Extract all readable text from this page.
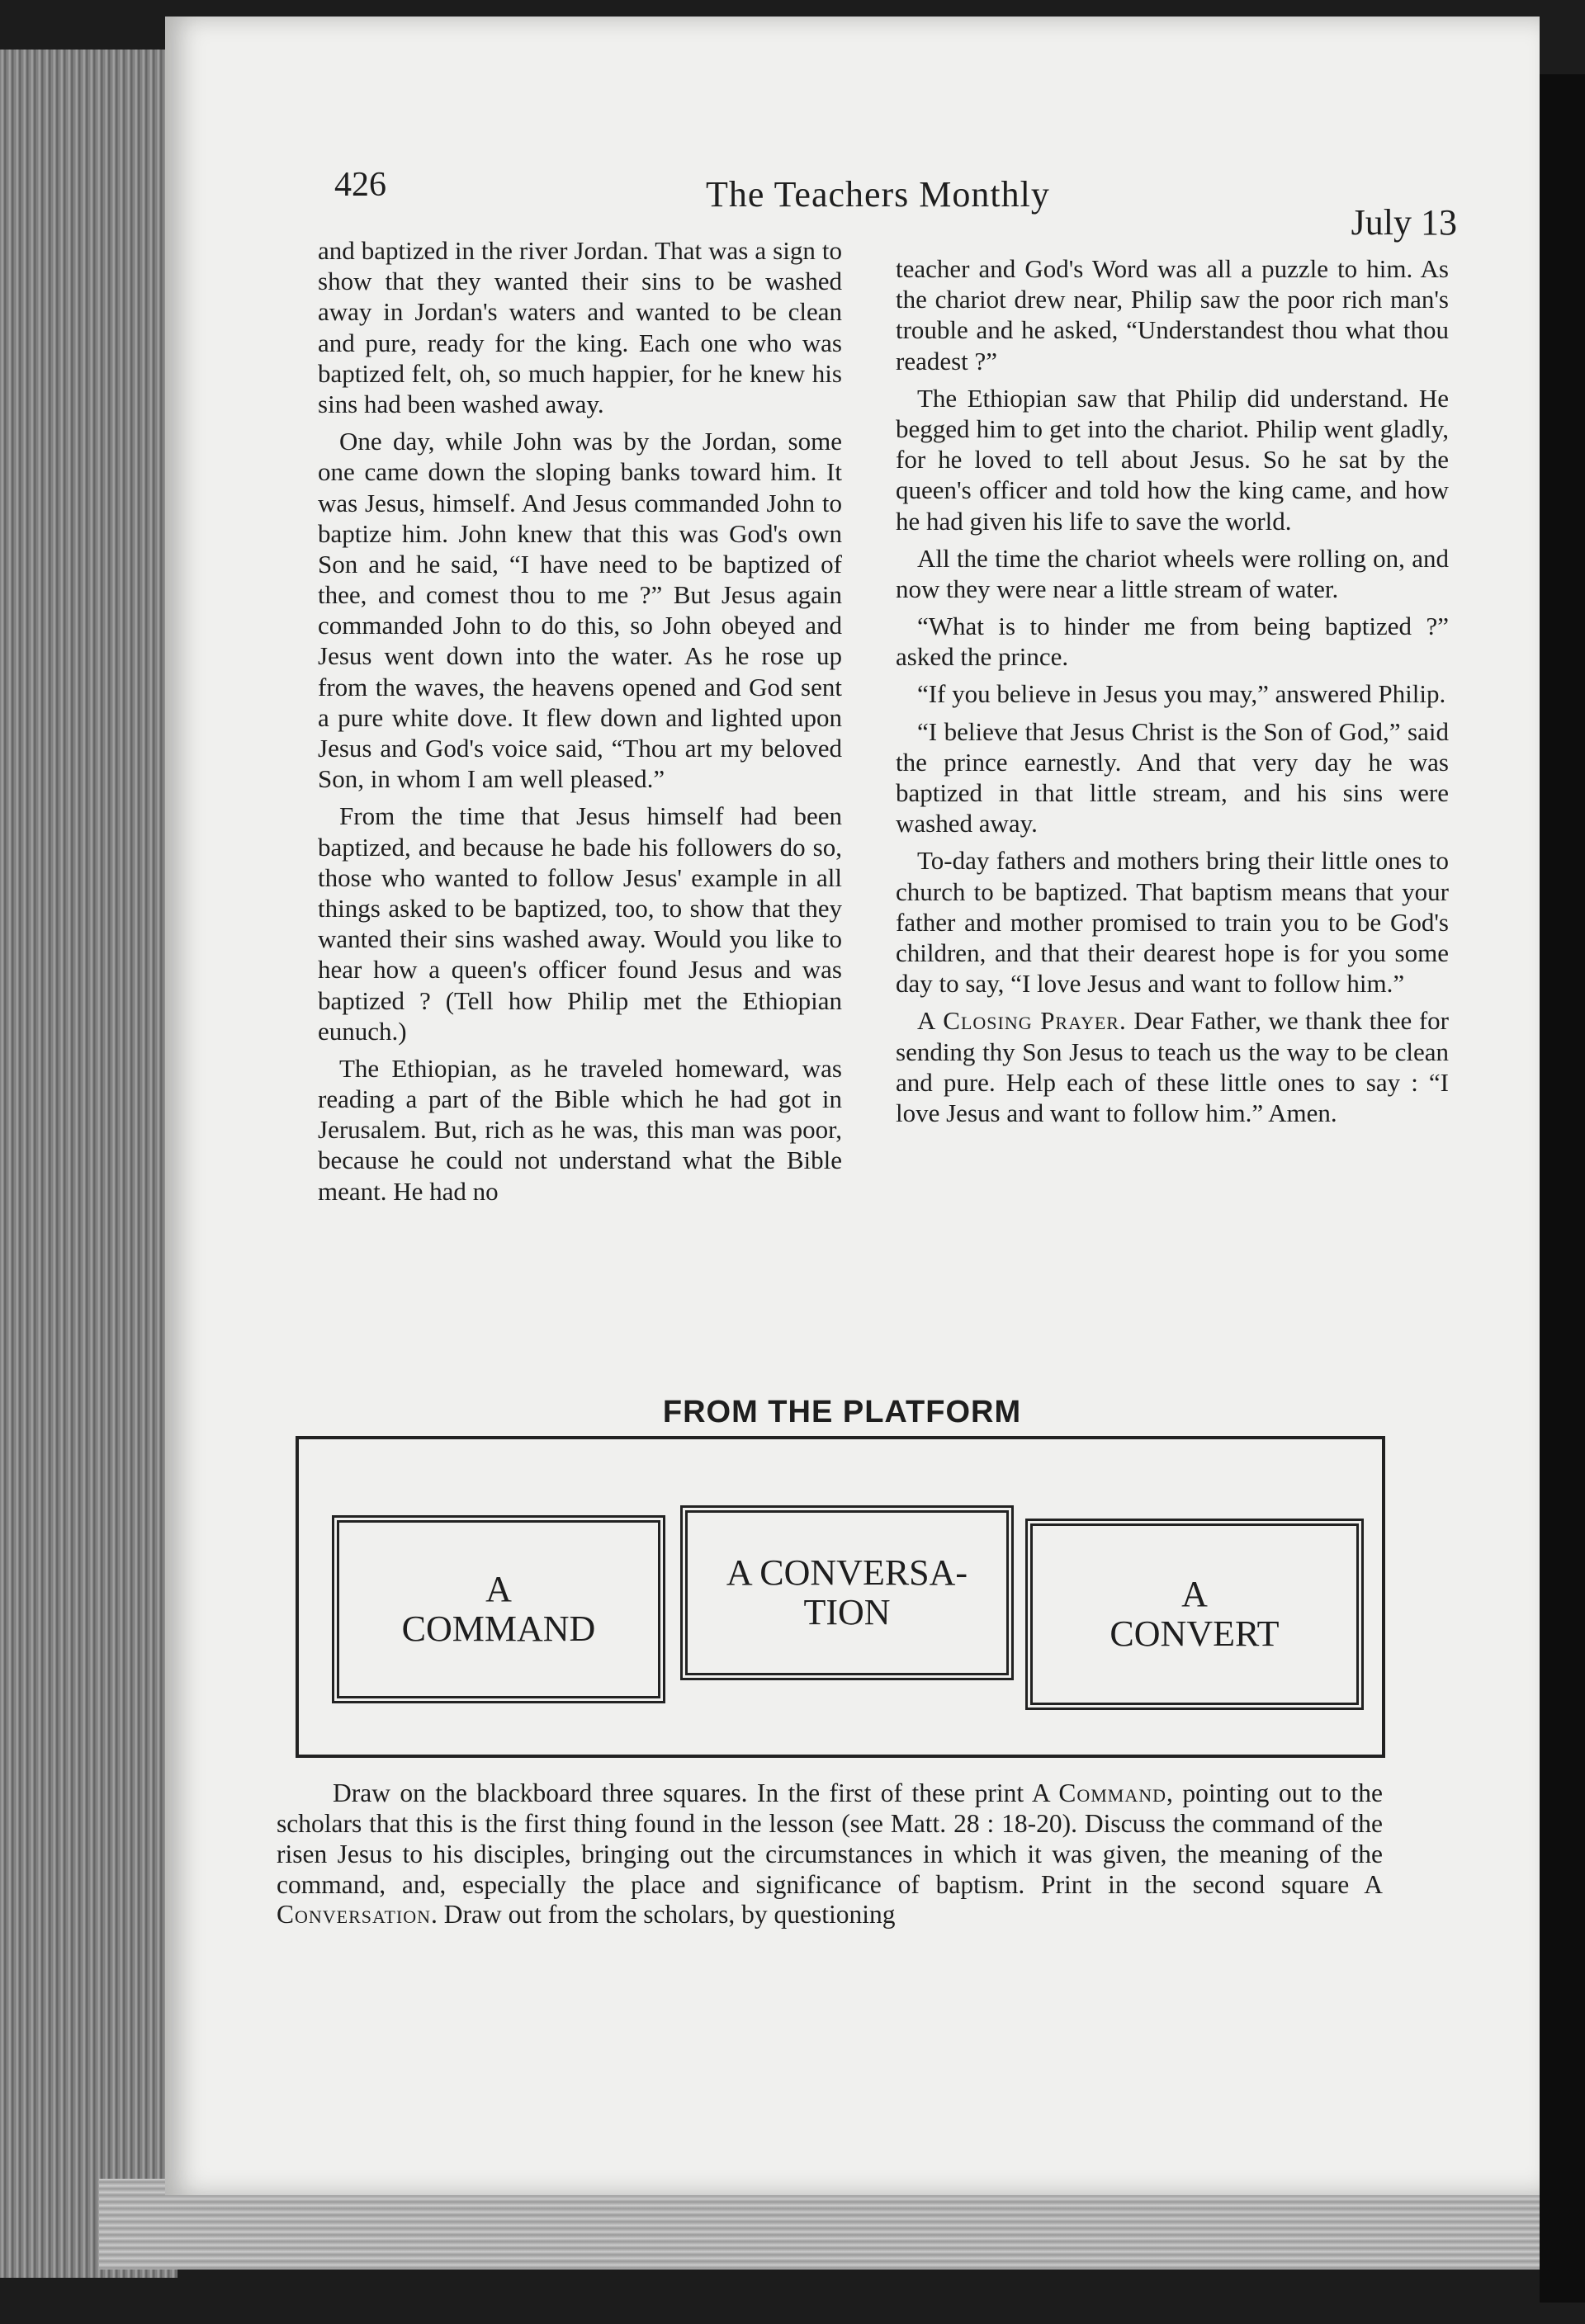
426	The Teachers Monthly
July 13

and baptized in the river Jordan. That was a sign to show that they wanted their sins to be washed away in Jordan's waters and wanted to be clean and pure, ready for the king. Each one who was baptized felt, oh, so much happier, for he knew his sins had been washed away.

One day, while John was by the Jordan, some one came down the sloping banks toward him. It was Jesus, himself. And Jesus commanded John to baptize him. John knew that this was God's own Son and he said, “I have need to be baptized of thee, and comest thou to me ?” But Jesus again commanded John to do this, so John obeyed and Jesus went down into the water. As he rose up from the waves, the heavens opened and God sent a pure white dove. It flew down and lighted upon Jesus and God's voice said, “Thou art my beloved Son, in whom I am well pleased.”

From the time that Jesus himself had been baptized, and because he bade his followers do so, those who wanted to follow Jesus' example in all things asked to be baptized, too, to show that they wanted their sins washed away. Would you like to hear how a queen's officer found Jesus and was baptized ? (Tell how Philip met the Ethiopian eunuch.)

The Ethiopian, as he traveled homeward, was reading a part of the Bible which he had got in Jerusalem. But, rich as he was, this man was poor, because he could not understand what the Bible meant. He had no

teacher and God's Word was all a puzzle to him. As the chariot drew near, Philip saw the poor rich man's trouble and he asked, “Understandest thou what thou readest ?”

The Ethiopian saw that Philip did understand. He begged him to get into the chariot. Philip went gladly, for he loved to tell about Jesus. So he sat by the queen's officer and told how the king came, and how he had given his life to save the world.

All the time the chariot wheels were rolling on, and now they were near a little stream of water.

“What is to hinder me from being baptized ?” asked the prince.

“If you believe in Jesus you may,” answered Philip.

“I believe that Jesus Christ is the Son of God,” said the prince earnestly. And that very day he was baptized in that little stream, and his sins were washed away.

To-day fathers and mothers bring their little ones to church to be baptized. That baptism means that your father and mother promised to train you to be God's children, and that their dearest hope is for you some day to say, “I love Jesus and want to follow him.”

A Closing Prayer. Dear Father, we thank thee for sending thy Son Jesus to teach us the way to be clean and pure. Help each of these little ones to say : “I love Jesus and want to follow him.” Amen.

FROM THE PLATFORM
A
COMMAND
A CONVERSA-
TION	A
CONVERT
Draw on the blackboard three squares. In the first of these print A Command, pointing out to the scholars that this is the first thing found in the lesson (see Matt. 28 : 18-20). Discuss the command of the risen Jesus to his disciples, bringing out the circumstances in which it was given, the meaning of the command, and, especially the place and significance of baptism. Print in the second square A Conversation. Draw out from the scholars, by questioning
